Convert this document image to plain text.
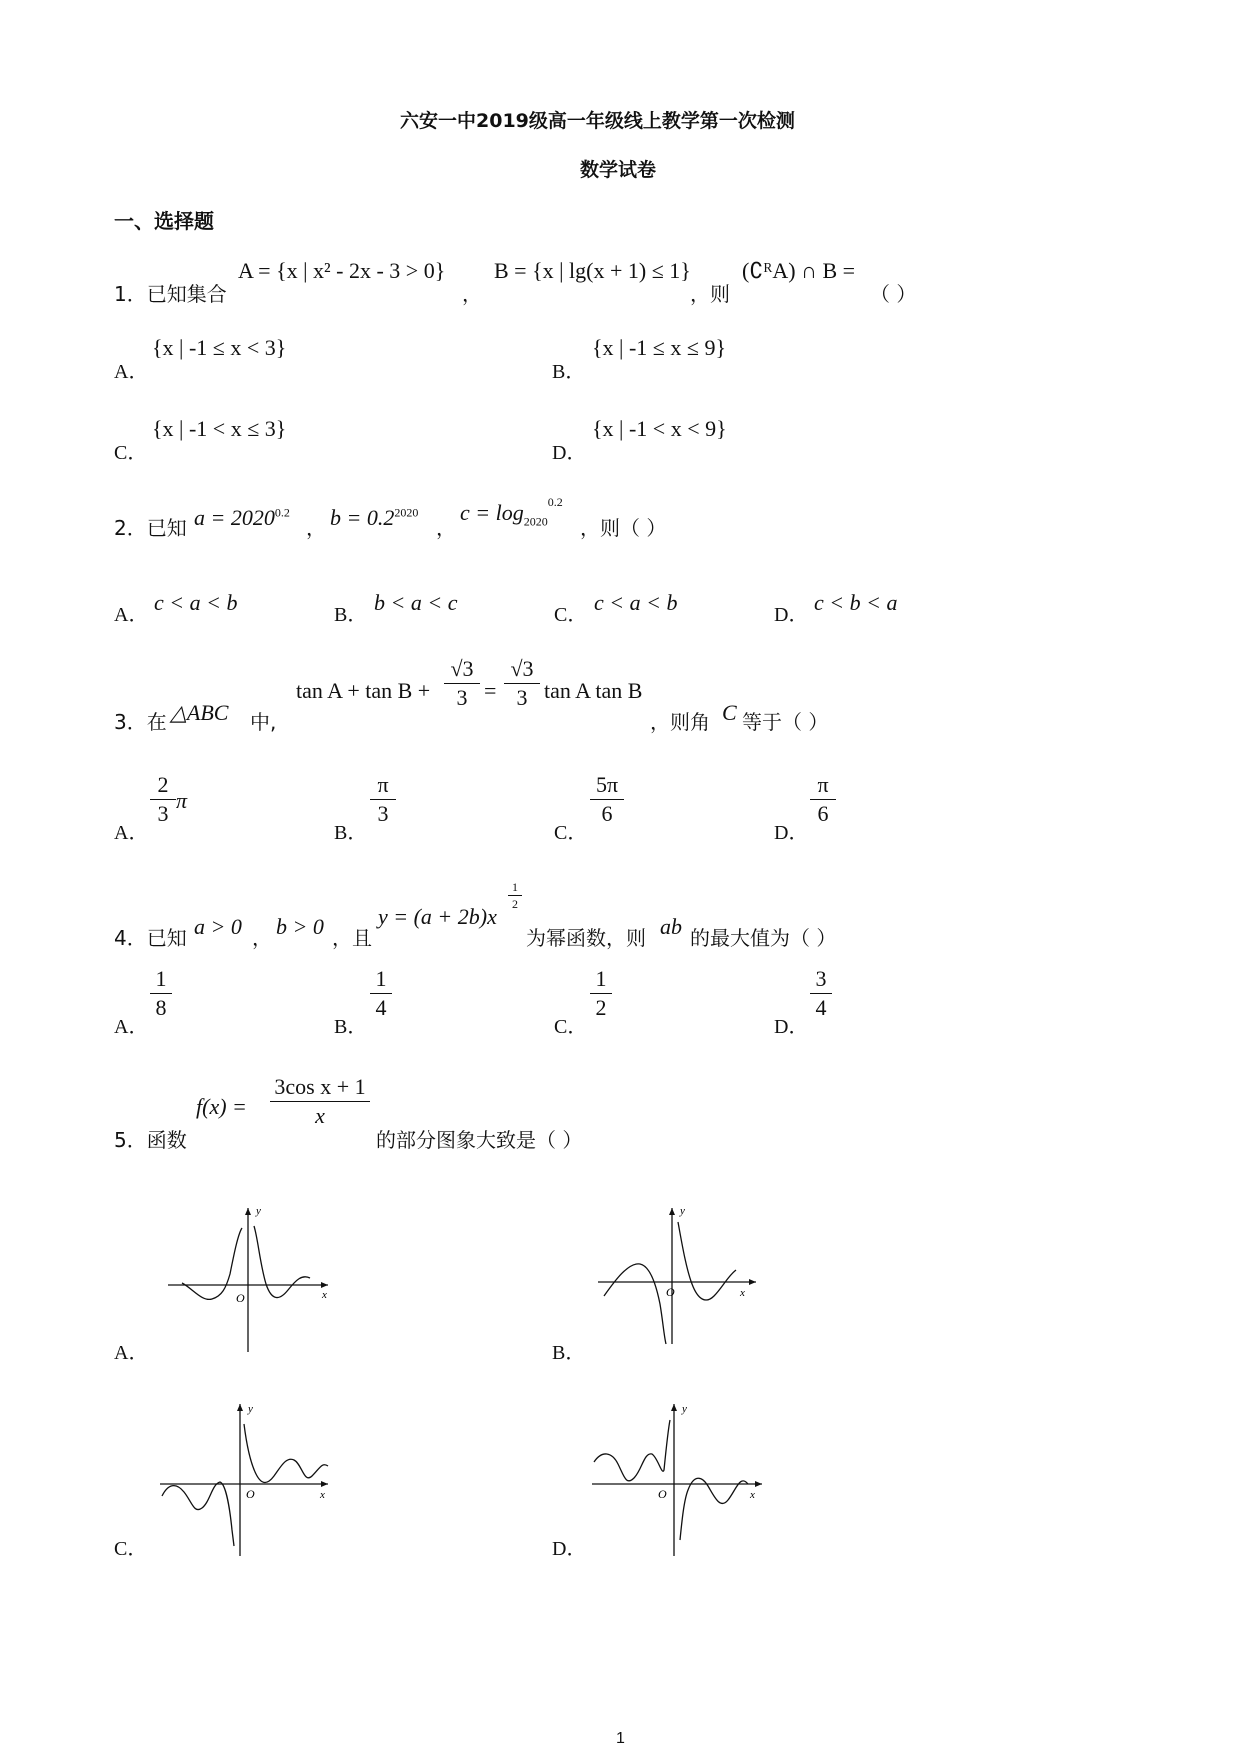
六安一中2019级高一年级线上教学第一次检测
数学试卷
一、选择题
1．已知集合
A = {x | x² - 2x - 3 > 0}
，
B = {x | lg(x + 1) ≤ 1}
，则
(∁ᴿA) ∩ B =
（ ）
A．
{x | -1 ≤ x < 3}
B．
{x | -1 ≤ x ≤ 9}
C．
{x | -1 < x ≤ 3}
D．
{x | -1 < x < 9}
2．已知 $a = 2020^{0.2}$
， $b = 0.2^{2020}$
，
$c = \log_{2020}^{0.2}$
，则（ ）
A． c < a < b	B． b < a < c	C． c < a < b	D． c < b < a
3．在 △ABC 中,
tan A + tan B +
√3
3 =
√3
3 tan A tan B
，则角 C 等于（ ）
A．
2
3
π
B．
π
3
C．
5π
6
D．
π
6
4．已知 a > 0 ， b > 0 ，且
y = (a + 2b)x
1
2
为幂函数，则 ab 的最大值为（ ）
A．
1
8
B．
1
4
C．
1
2
D．
3
4
5．函数
f(x) =
3cos x + 1
x
的部分图象大致是（ ）
A．
y
O	x
B．
y
O	x
C．
y
O	x
D．
y
O	x
1
